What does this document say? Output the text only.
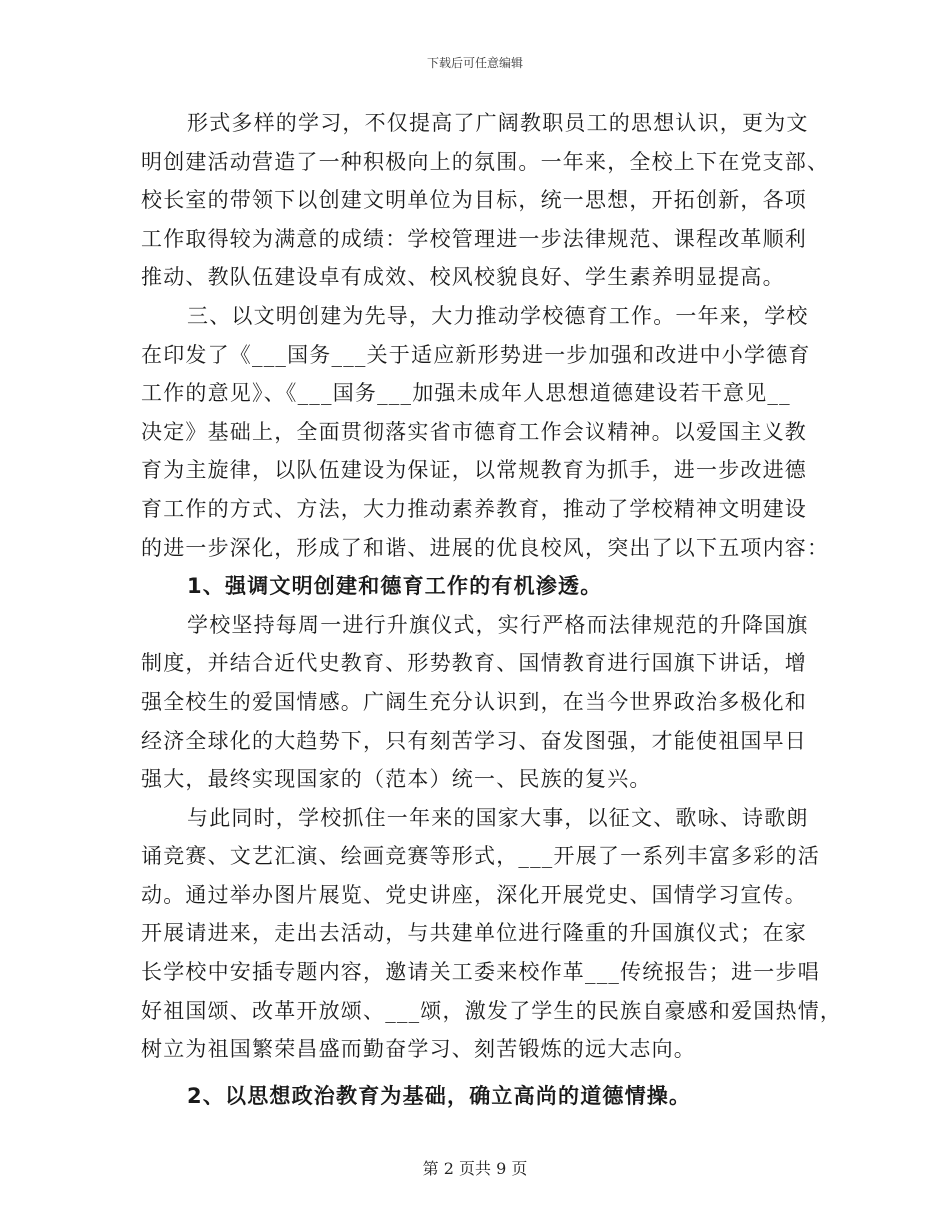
下载后可任意编辑
形式多样的学习，不仅提高了广阔教职员工的思想认识，更为文
明创建活动营造了一种积极向上的氛围。一年来，全校上下在党支部、
校长室的带领下以创建文明单位为目标，统一思想，开拓创新，各项
工作取得较为满意的成绩：学校管理进一步法律规范、课程改革顺利
推动、教队伍建设卓有成效、校风校貌良好、学生素养明显提高。
三、以文明创建为先导，大力推动学校德育工作。一年来，学校
在印发了《___国务___关于适应新形势进一步加强和改进中小学德育
工作的意见》、《___国务___加强未成年人思想道德建设若干意见__
决定》基础上，全面贯彻落实省市德育工作会议精神。以爱国主义教
育为主旋律，以队伍建设为保证，以常规教育为抓手，进一步改进德
育工作的方式、方法，大力推动素养教育，推动了学校精神文明建设
的进一步深化，形成了和谐、进展的优良校风，突出了以下五项内容：
1、强调文明创建和德育工作的有机渗透。
学校坚持每周一进行升旗仪式，实行严格而法律规范的升降国旗
制度，并结合近代史教育、形势教育、国情教育进行国旗下讲话，增
强全校生的爱国情感。广阔生充分认识到，在当今世界政治多极化和
经济全球化的大趋势下，只有刻苦学习、奋发图强，才能使祖国早日
强大，最终实现国家的（范本）统一、民族的复兴。
与此同时，学校抓住一年来的国家大事，以征文、歌咏、诗歌朗
诵竞赛、文艺汇演、绘画竞赛等形式，___开展了一系列丰富多彩的活
动。通过举办图片展览、党史讲座，深化开展党史、国情学习宣传。
开展请进来，走出去活动，与共建单位进行隆重的升国旗仪式；在家
长学校中安插专题内容，邀请关工委来校作革___传统报告；进一步唱
好祖国颂、改革开放颂、___颂，激发了学生的民族自豪感和爱国热情，
树立为祖国繁荣昌盛而勤奋学习、刻苦锻炼的远大志向。
2、以思想政治教育为基础，确立高尚的道德情操。
第 2 页共 9 页
